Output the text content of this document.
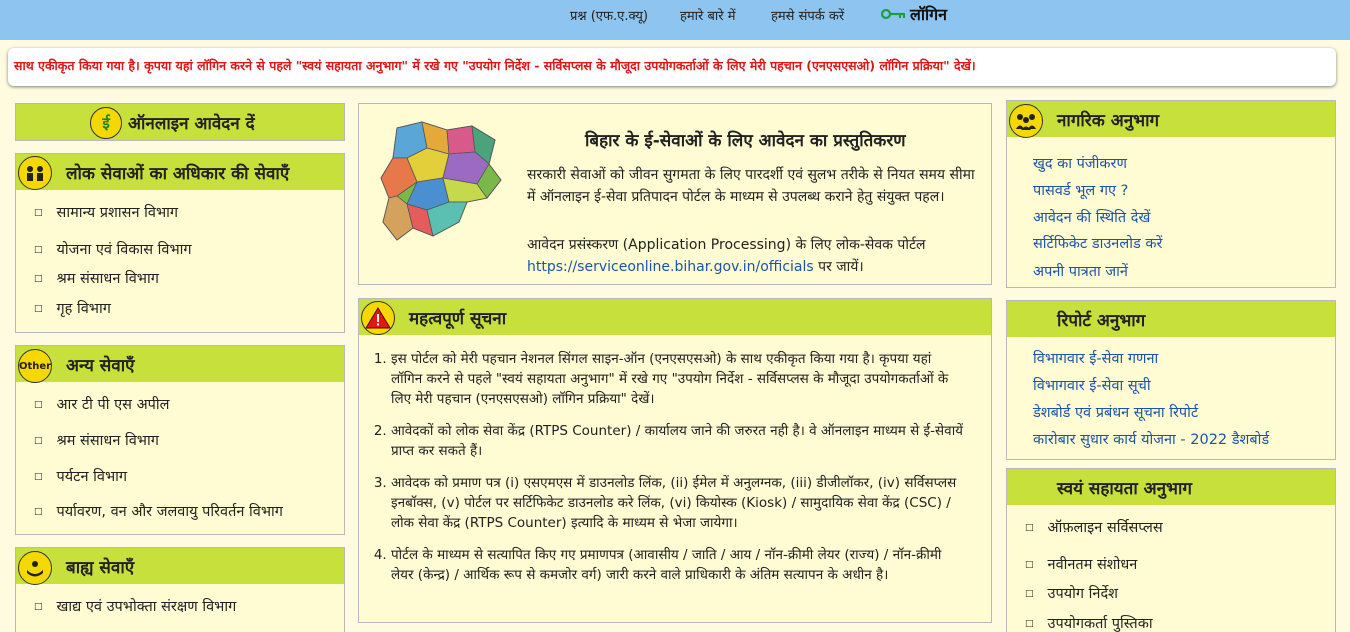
प्रश्न (एफ.ए.क्यू) हमारे बारे में	हमसे संपर्क करें	लॉगिन
साथ एकीकृत किया गया है। कृपया यहां लॉगिन करने से पहले "स्वयं सहायता अनुभाग" में रखे गए "उपयोग निर्देश - सर्विसप्लस के मौजूदा उपयोगकर्ताओं के लिए मेरी पहचान (एनएसएसओ) लॉगिन प्रक्रिया" देखें।
ई ऑनलाइन आवेदन दें
लोक सेवाओं का अधिकार की सेवाएँ
□ सामान्य प्रशासन विभाग
□ योजना एवं विकास विभाग
□ श्रम संसाधन विभाग
□ गृह विभाग
Other अन्य सेवाएँ
□ आर टी पी एस अपील
□ श्रम संसाधन विभाग
□ पर्यटन विभाग
□ पर्यावरण, वन और जलवायु परिवर्तन विभाग
बाह्य सेवाएँ
□ खाद्य एवं उपभोक्ता संरक्षण विभाग
बिहार के ई-सेवाओं के लिए आवेदन का प्रस्तुतिकरण
सरकारी सेवाओं को जीवन सुगमता के लिए पारदर्शी एवं सुलभ तरीके से नियत समय सीमा में ऑनलाइन ई-सेवा प्रतिपादन पोर्टल के माध्यम से उपलब्ध कराने हेतु संयुक्त पहल।
आवेदन प्रसंस्करण (Application Processing) के लिए लोक-सेवक पोर्टल https://serviceonline.bihar.gov.in/officials पर जायें।
महत्वपूर्ण सूचना
1. इस पोर्टल को मेरी पहचान नेशनल सिंगल साइन-ऑन (एनएसएसओ) के साथ एकीकृत किया गया है। कृपया यहां लॉगिन करने से पहले "स्वयं सहायता अनुभाग" में रखे गए "उपयोग निर्देश - सर्विसप्लस के मौजूदा उपयोगकर्ताओं के लिए मेरी पहचान (एनएसएसओ) लॉगिन प्रक्रिया" देखें।
2. आवेदकों को लोक सेवा केंद्र (RTPS Counter) / कार्यालय जाने की जरुरत नही है। वे ऑनलाइन माध्यम से ई-सेवायें प्राप्त कर सकते हैं।
3. आवेदक को प्रमाण पत्र (i) एसएमएस में डाउनलोड लिंक, (ii) ईमेल में अनुलग्नक, (iii) डीजीलॉकर, (iv) सर्विसप्लस इनबॉक्स, (v) पोर्टल पर सर्टिफिकेट डाउनलोड करे लिंक, (vi) कियोस्क (Kiosk) / सामुदायिक सेवा केंद्र (CSC) / लोक सेवा केंद्र (RTPS Counter) इत्यादि के माध्यम से भेजा जायेगा।
4. पोर्टल के माध्यम से सत्यापित किए गए प्रमाणपत्र (आवासीय / जाति / आय / नॉन-क्रीमी लेयर (राज्य) / नॉन-क्रीमी लेयर (केन्द्र) / आर्थिक रूप से कमजोर वर्ग) जारी करने वाले प्राधिकारी के अंतिम सत्यापन के अधीन है।
नागरिक अनुभाग
खुद का पंजीकरण
पासवर्ड भूल गए ?
आवेदन की स्थिति देखें
सर्टिफिकेट डाउनलोड करें
अपनी पात्रता जानें
रिपोर्ट अनुभाग
विभागवार ई-सेवा गणना
विभागवार ई-सेवा सूची
डेशबोर्ड एवं प्रबंधन सूचना रिपोर्ट
कारोबार सुधार कार्य योजना - 2022 डैशबोर्ड
स्वयं सहायता अनुभाग
□ ऑफ़लाइन सर्विसप्लस
□ नवीनतम संशोधन
□ उपयोग निर्देश
□ उपयोगकर्ता पुस्तिका
